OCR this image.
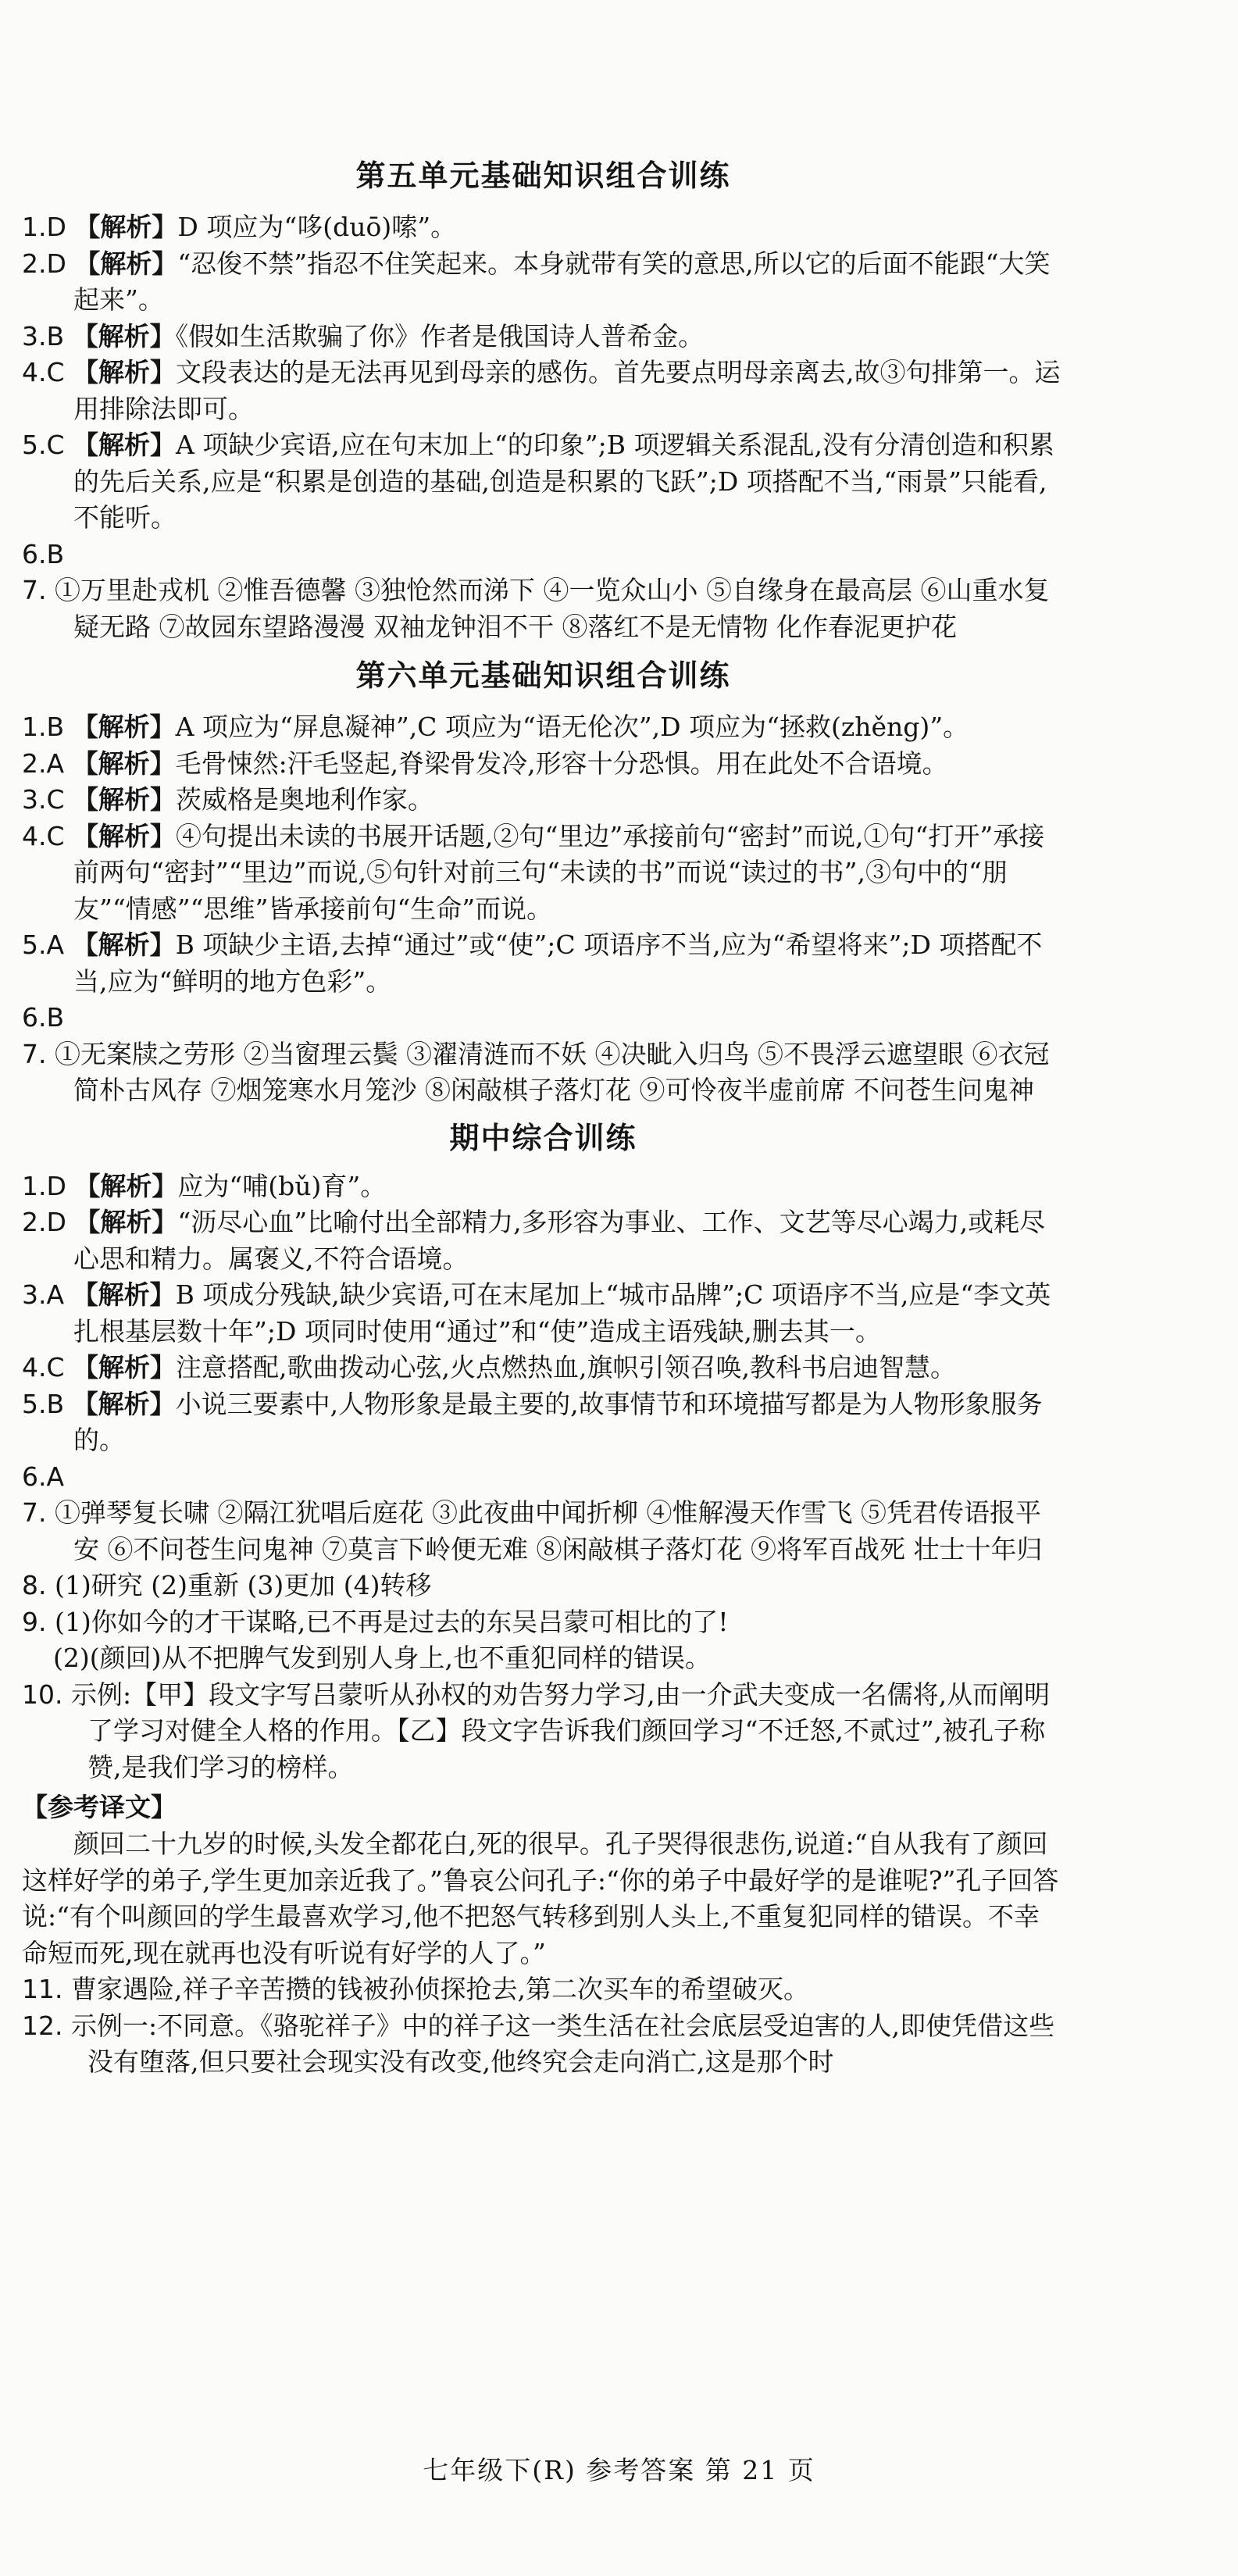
第五单元基础知识组合训练
1.D 【解析】D 项应为“哆(duō)嗦”。
2.D 【解析】“忍俊不禁”指忍不住笑起来。本身就带有笑的意思,所以它的后面不能跟“大笑起来”。
3.B 【解析】《假如生活欺骗了你》作者是俄国诗人普希金。
4.C 【解析】文段表达的是无法再见到母亲的感伤。首先要点明母亲离去,故③句排第一。运用排除法即可。
5.C 【解析】A 项缺少宾语,应在句末加上“的印象”;B 项逻辑关系混乱,没有分清创造和积累的先后关系,应是“积累是创造的基础,创造是积累的飞跃”;D 项搭配不当,“雨景”只能看,不能听。
6.B
7. ①万里赴戎机 ②惟吾德馨 ③独怆然而涕下 ④一览众山小 ⑤自缘身在最高层 ⑥山重水复疑无路 ⑦故园东望路漫漫 双袖龙钟泪不干 ⑧落红不是无情物 化作春泥更护花
第六单元基础知识组合训练
1.B 【解析】A 项应为“屏息凝神”,C 项应为“语无伦次”,D 项应为“拯救(zhěng)”。
2.A 【解析】毛骨悚然:汗毛竖起,脊梁骨发冷,形容十分恐惧。用在此处不合语境。
3.C 【解析】茨威格是奥地利作家。
4.C 【解析】④句提出未读的书展开话题,②句“里边”承接前句“密封”而说,①句“打开”承接前两句“密封”“里边”而说,⑤句针对前三句“未读的书”而说“读过的书”,③句中的“朋友”“情感”“思维”皆承接前句“生命”而说。
5.A 【解析】B 项缺少主语,去掉“通过”或“使”;C 项语序不当,应为“希望将来”;D 项搭配不当,应为“鲜明的地方色彩”。
6.B
7. ①无案牍之劳形 ②当窗理云鬓 ③濯清涟而不妖 ④决眦入归鸟 ⑤不畏浮云遮望眼 ⑥衣冠简朴古风存 ⑦烟笼寒水月笼沙 ⑧闲敲棋子落灯花 ⑨可怜夜半虚前席 不问苍生问鬼神
期中综合训练
1.D 【解析】应为“哺(bǔ)育”。
2.D 【解析】“沥尽心血”比喻付出全部精力,多形容为事业、工作、文艺等尽心竭力,或耗尽心思和精力。属褒义,不符合语境。
3.A 【解析】B 项成分残缺,缺少宾语,可在末尾加上“城市品牌”;C 项语序不当,应是“李文英扎根基层数十年”;D 项同时使用“通过”和“使”造成主语残缺,删去其一。
4.C 【解析】注意搭配,歌曲拨动心弦,火点燃热血,旗帜引领召唤,教科书启迪智慧。
5.B 【解析】小说三要素中,人物形象是最主要的,故事情节和环境描写都是为人物形象服务的。
6.A
7. ①弹琴复长啸 ②隔江犹唱后庭花 ③此夜曲中闻折柳 ④惟解漫天作雪飞 ⑤凭君传语报平安 ⑥不问苍生问鬼神 ⑦莫言下岭便无难 ⑧闲敲棋子落灯花 ⑨将军百战死 壮士十年归
8. (1)研究 (2)重新 (3)更加 (4)转移
9. (1)你如今的才干谋略,已不再是过去的东吴吕蒙可相比的了!
(2)(颜回)从不把脾气发到别人身上,也不重犯同样的错误。
10. 示例:【甲】段文字写吕蒙听从孙权的劝告努力学习,由一介武夫变成一名儒将,从而阐明了学习对健全人格的作用。【乙】段文字告诉我们颜回学习“不迁怒,不贰过”,被孔子称赞,是我们学习的榜样。
【参考译文】
颜回二十九岁的时候,头发全都花白,死的很早。孔子哭得很悲伤,说道:“自从我有了颜回这样好学的弟子,学生更加亲近我了。”鲁哀公问孔子:“你的弟子中最好学的是谁呢?”孔子回答说:“有个叫颜回的学生最喜欢学习,他不把怒气转移到别人头上,不重复犯同样的错误。不幸命短而死,现在就再也没有听说有好学的人了。”
11. 曹家遇险,祥子辛苦攒的钱被孙侦探抢去,第二次买车的希望破灭。
12. 示例一:不同意。《骆驼祥子》中的祥子这一类生活在社会底层受迫害的人,即使凭借这些没有堕落,但只要社会现实没有改变,他终究会走向消亡,这是那个时
七年级下(R) 参考答案 第 21 页
